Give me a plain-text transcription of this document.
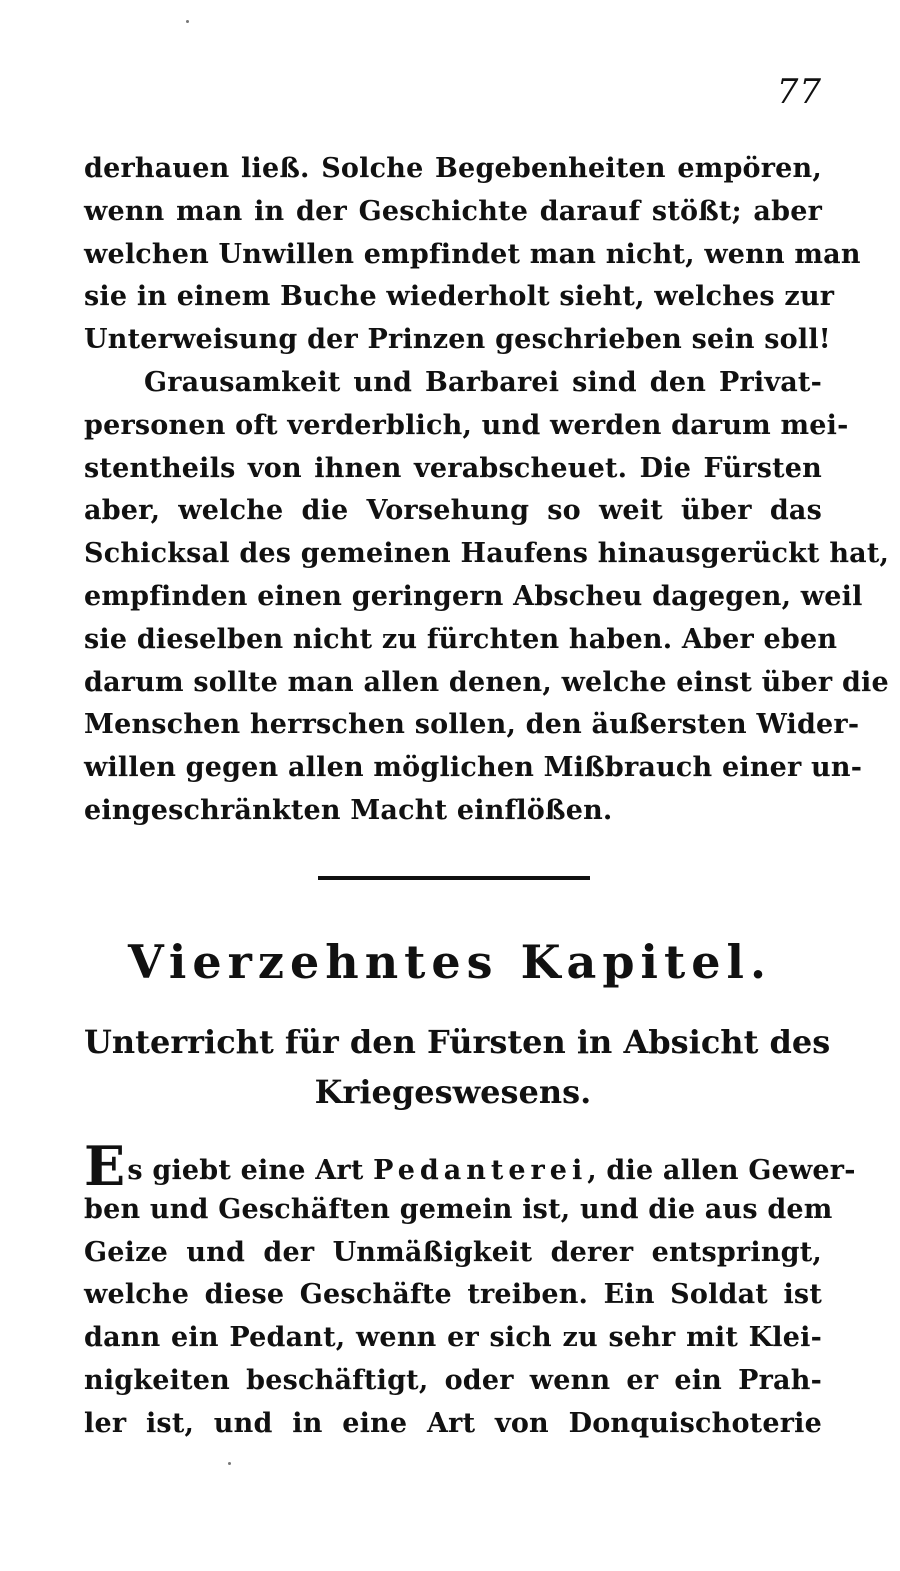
77
derhauen ließ. Solche Begebenheiten empören,
wenn man in der Geschichte darauf stößt; aber
welchen Unwillen empfindet man nicht, wenn man
sie in einem Buche wiederholt sieht, welches zur
Unterweisung der Prinzen geschrieben sein soll!
Grausamkeit und Barbarei sind den Privat-
personen oft verderblich, und werden darum mei-
stentheils von ihnen verabscheuet. Die Fürsten
aber, welche die Vorsehung so weit über das
Schicksal des gemeinen Haufens hinausgerückt hat,
empfinden einen geringern Abscheu dagegen, weil
sie dieselben nicht zu fürchten haben. Aber eben
darum sollte man allen denen, welche einst über die
Menschen herrschen sollen, den äußersten Wider-
willen gegen allen möglichen Mißbrauch einer un-
eingeschränkten Macht einflößen.
Vierzehntes Kapitel.
Unterricht für den Fürsten in Absicht des
Kriegeswesens.
Es giebt eine Art Pedanterei, die allen Gewer-
ben und Geschäften gemein ist, und die aus dem
Geize und der Unmäßigkeit derer entspringt,
welche diese Geschäfte treiben. Ein Soldat ist
dann ein Pedant, wenn er sich zu sehr mit Klei-
nigkeiten beschäftigt, oder wenn er ein Prah-
ler ist, und in eine Art von Donquischoterie
